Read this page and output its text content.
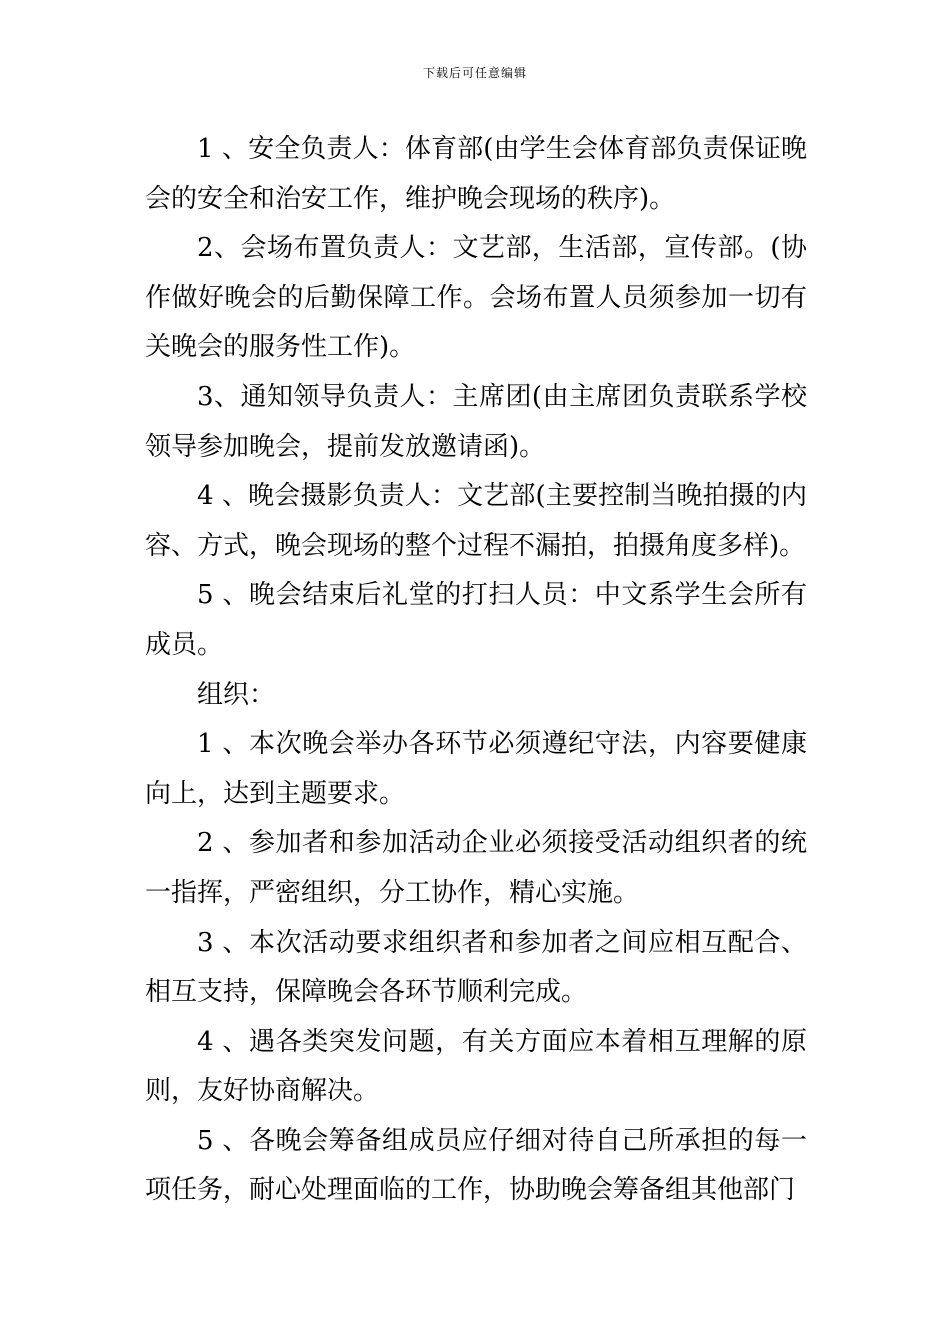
下载后可任意编辑

1 、安全负责人：体育部(由学生会体育部负责保证晚会的安全和治安工作，维护晚会现场的秩序)。

2、会场布置负责人：文艺部，生活部，宣传部。(协作做好晚会的后勤保障工作。会场布置人员须参加一切有关晚会的服务性工作)。

3、通知领导负责人：主席团(由主席团负责联系学校领导参加晚会，提前发放邀请函)。

4 、晚会摄影负责人：文艺部(主要控制当晚拍摄的内容、方式，晚会现场的整个过程不漏拍，拍摄角度多样)。

5 、晚会结束后礼堂的打扫人员：中文系学生会所有成员。

组织：

1 、本次晚会举办各环节必须遵纪守法，内容要健康向上，达到主题要求。

2 、参加者和参加活动企业必须接受活动组织者的统一指挥，严密组织，分工协作，精心实施。

3 、本次活动要求组织者和参加者之间应相互配合、相互支持，保障晚会各环节顺利完成。

4 、遇各类突发问题，有关方面应本着相互理解的原则，友好协商解决。

5 、各晚会筹备组成员应仔细对待自己所承担的每一项任务，耐心处理面临的工作，协助晚会筹备组其他部门
